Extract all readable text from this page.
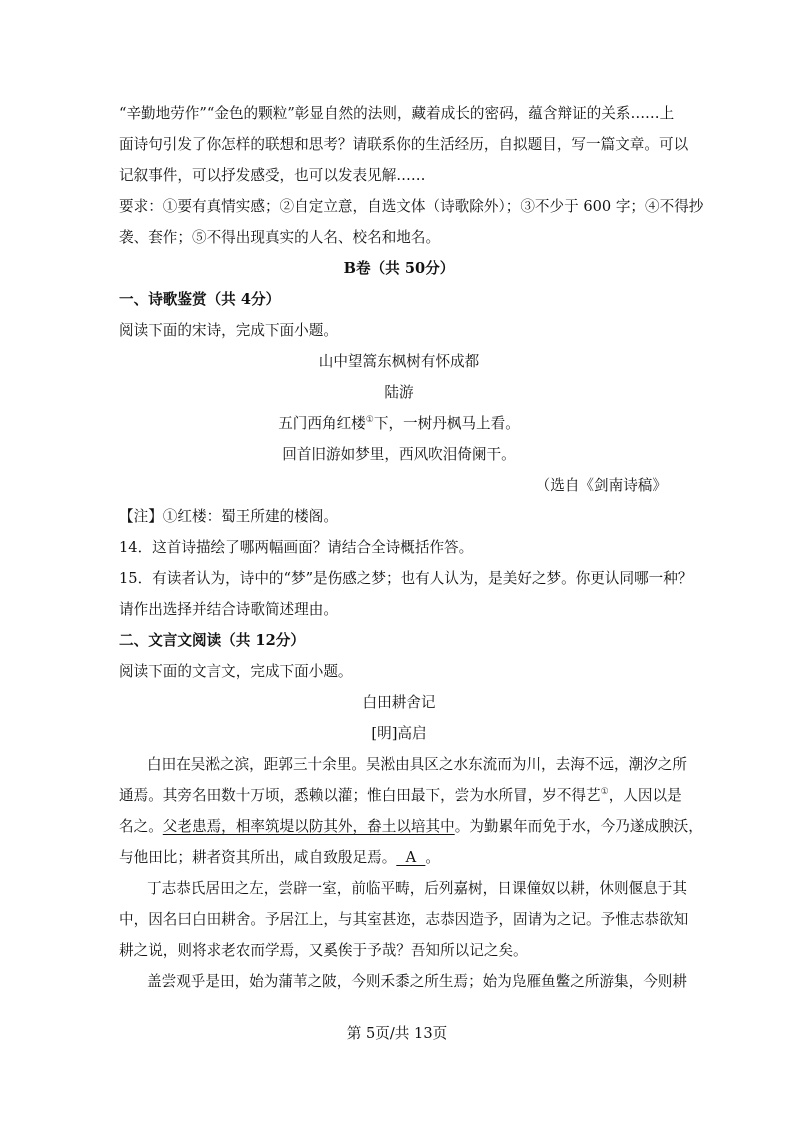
“辛勤地劳作”“金色的颗粒”彰显自然的法则，藏着成长的密码，蕴含辩证的关系……上
面诗句引发了你怎样的联想和思考？请联系你的生活经历，自拟题目，写一篇文章。可以
记叙事件，可以抒发感受，也可以发表见解……
要求：①要有真情实感；②自定立意，自选文体（诗歌除外）；③不少于 600 字；④不得抄
袭、套作；⑤不得出现真实的人名、校名和地名。
B卷（共 50分）
一、诗歌鉴赏（共 4分）
阅读下面的宋诗，完成下面小题。
山中望篙东枫树有怀成都
陆游
五门西角红楼①下，一树丹枫马上看。
回首旧游如梦里，西风吹泪倚阑干。
（选自《剑南诗稿》
【注】①红楼：蜀王所建的楼阁。
14．这首诗描绘了哪两幅画面？请结合全诗概括作答。
15．有读者认为，诗中的“梦”是伤感之梦；也有人认为，是美好之梦。你更认同哪一种？
请作出选择并结合诗歌简述理由。
二、文言文阅读（共 12分）
阅读下面的文言文，完成下面小题。
白田耕舍记
[明]高启
白田在吴淞之滨，距郭三十余里。吴淞由具区之水东流而为川，去海不远，潮汐之所
通焉。其旁名田数十万顷，悉赖以灌；惟白田最下，尝为水所冒，岁不得艺①，人因以是
名之。父老患焉，相率筑堤以防其外，畚土以培其中。为勤累年而免于水，今乃遂成腴沃，
与他田比；耕者资其所出，咸自致殷足焉。  A  。
丁志恭氏居田之左，尝辟一室，前临平畴，后列嘉树，日课僮奴以耕，休则偃息于其
中，因名曰白田耕舍。予居江上，与其室甚迩，志恭因造予，固请为之记。予惟志恭欲知
耕之说，则将求老农而学焉，又奚俟于予哉？吾知所以记之矣。
盖尝观乎是田，始为蒲苇之陂，今则禾黍之所生焉；始为凫雁鱼鳖之所游集，今则耕
第 5页/共 13页
